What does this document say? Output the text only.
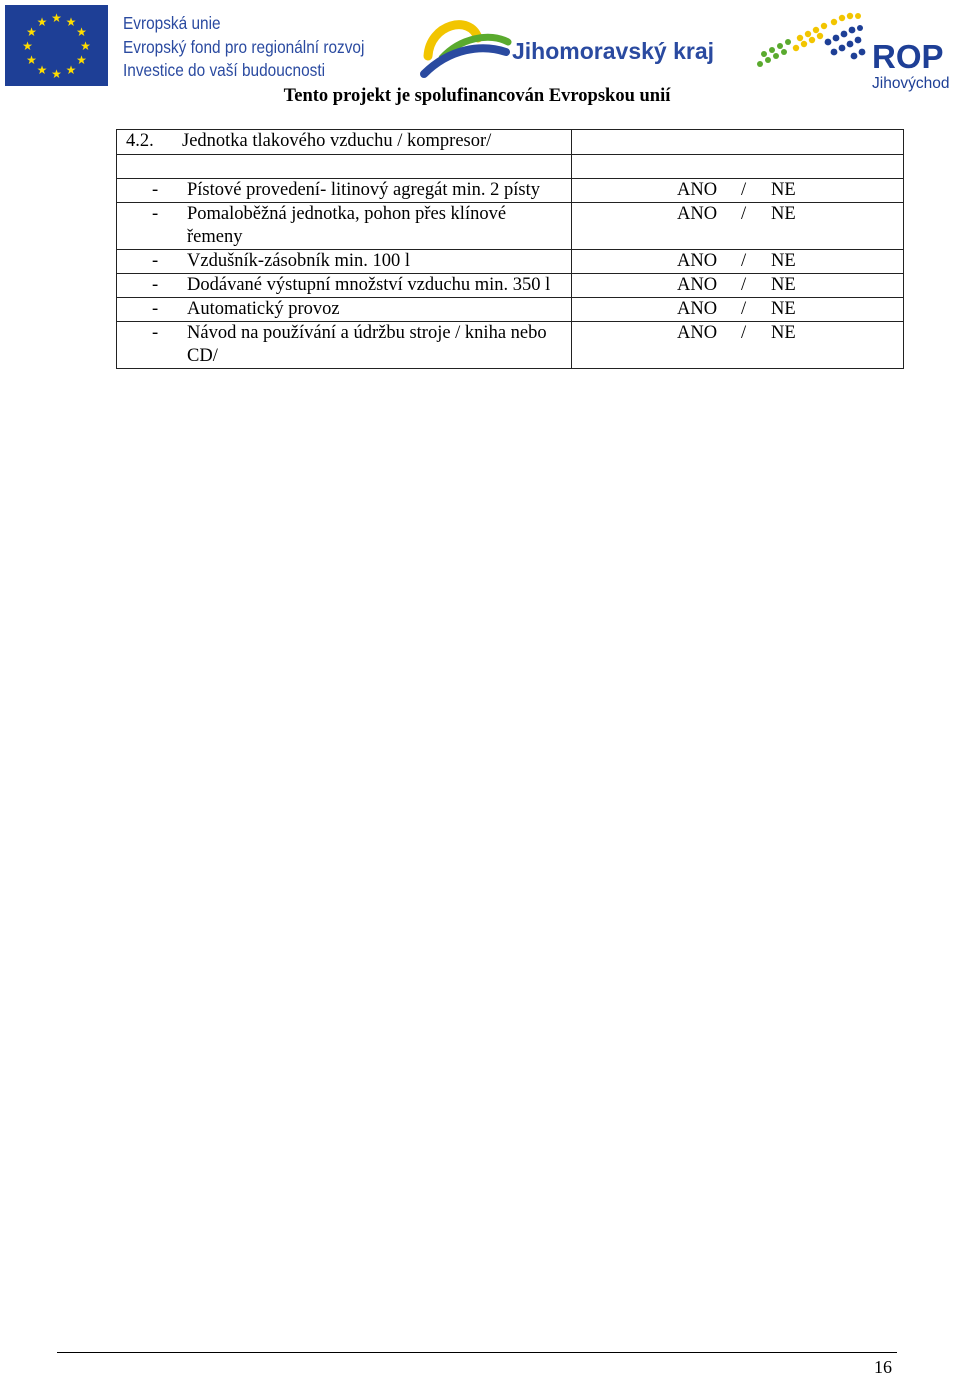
★ ★
★
★
★
★
★
★
★
★
★
★	Evropská unie
Evropský fond pro regionální rozvoj
Investice do vaší budoucnosti
Jihomoravský kraj	ROP
Jihovýchod
Tento projekt je spolufinancován Evropskou unií
4.2. Jednotka tlakového vzduchu / kompresor/	

- Pístové provedení- litinový agregát min. 2 písty	ANO / NE

- Pomaloběžná jednotka, pohon přes klínové řemeny	ANO / NE

- Vzdušník-zásobník min. 100 l	ANO / NE

- Dodávané výstupní množství vzduchu min. 350 l	ANO / NE

- Automatický provoz	ANO / NE

- Návod na používání a údržbu stroje / kniha nebo CD/	ANO / NE
16
